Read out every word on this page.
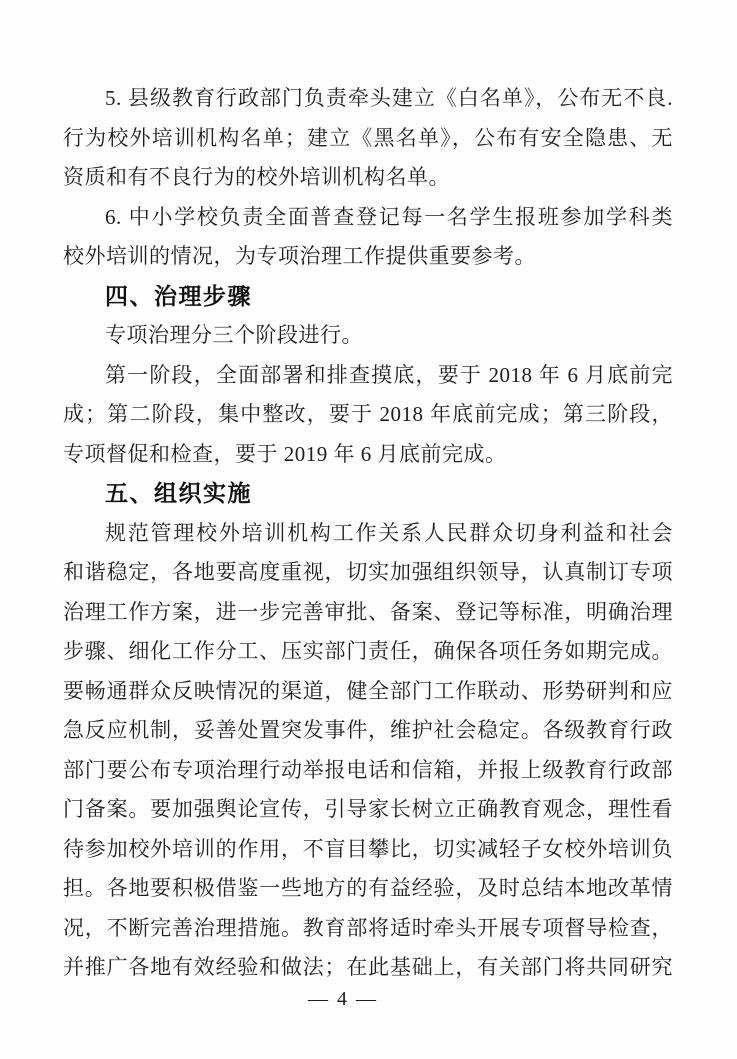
5. 县级教育行政部门负责牵头建立《白名单》，公布无不良.
行为校外培训机构名单；建立《黑名单》，公布有安全隐患、无
资质和有不良行为的校外培训机构名单。
6. 中小学校负责全面普查登记每一名学生报班参加学科类
校外培训的情况，为专项治理工作提供重要参考。
四、治理步骤
专项治理分三个阶段进行。
第一阶段，全面部署和排查摸底，要于 2018 年 6 月底前完
成；第二阶段，集中整改，要于 2018 年底前完成；第三阶段，
专项督促和检查，要于 2019 年 6 月底前完成。
五、组织实施
规范管理校外培训机构工作关系人民群众切身利益和社会
和谐稳定，各地要高度重视，切实加强组织领导，认真制订专项
治理工作方案，进一步完善审批、备案、登记等标准，明确治理
步骤、细化工作分工、压实部门责任，确保各项任务如期完成。
要畅通群众反映情况的渠道，健全部门工作联动、形势研判和应
急反应机制，妥善处置突发事件，维护社会稳定。各级教育行政
部门要公布专项治理行动举报电话和信箱，并报上级教育行政部
门备案。要加强舆论宣传，引导家长树立正确教育观念，理性看
待参加校外培训的作用，不盲目攀比，切实减轻子女校外培训负
担。各地要积极借鉴一些地方的有益经验，及时总结本地改革情
况，不断完善治理措施。教育部将适时牵头开展专项督导检查，
并推广各地有效经验和做法；在此基础上，有关部门将共同研究
— 4 —
